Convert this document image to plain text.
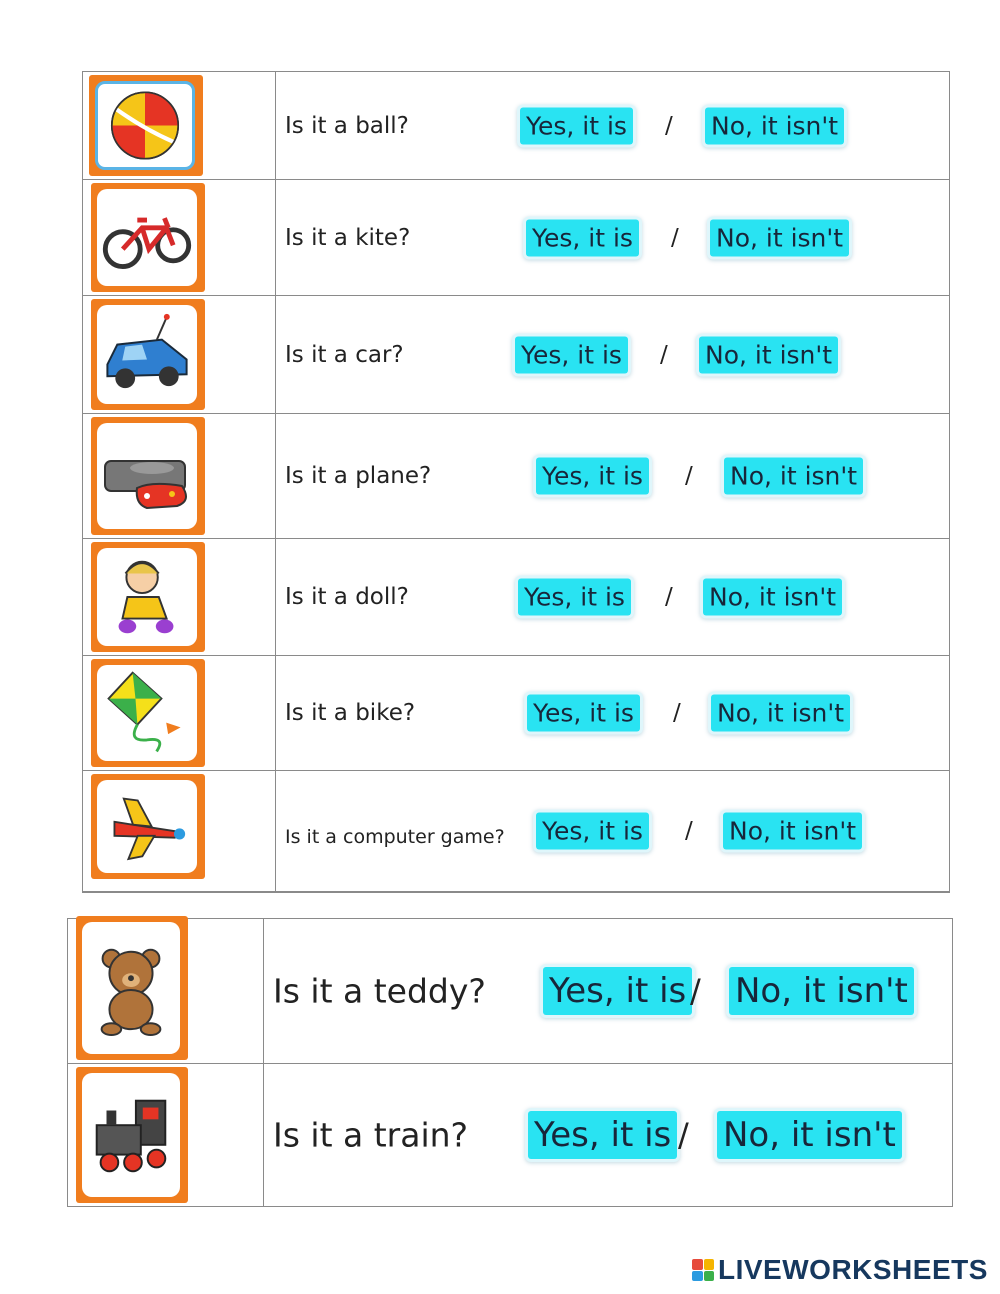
Is it a ball?	Yes, it is / No, it isn't
Is it a kite?	Yes, it is / No, it isn't
Is it a car?	Yes, it is / No, it isn't
Is it a plane?	Yes, it is / No, it isn't
Is it a doll?	Yes, it is / No, it isn't
Is it a bike?	Yes, it is / No, it isn't
Is it a computer game? Yes, it is / No, it isn't
Is it a teddy? Yes, it is / No, it isn't
Is it a train? Yes, it is / No, it isn't
LIVEWORKSHEETS
